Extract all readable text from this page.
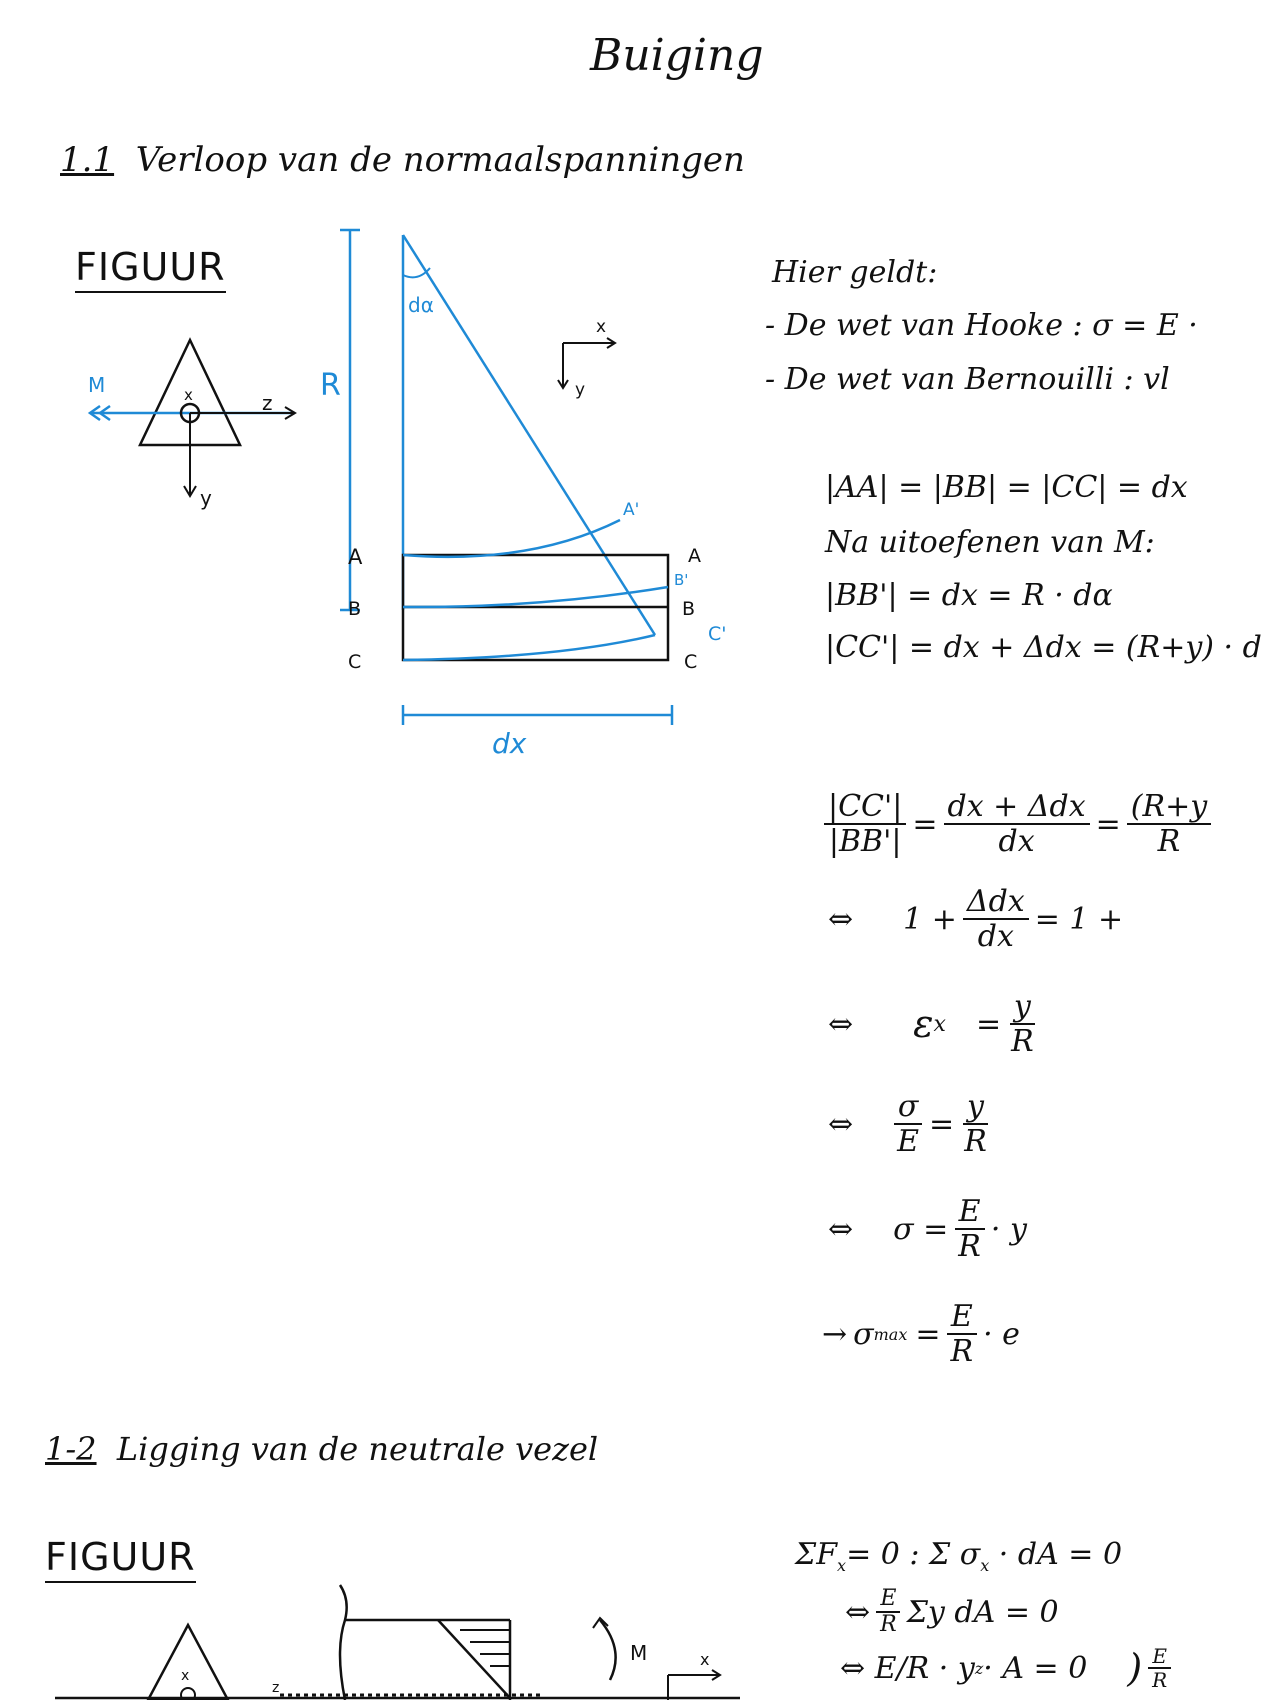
Buiging
1.1 Verloop van de normaalspanningen
FIGUUR
M	x	z
y
R
dα
x
y
A
B
C
A
B
C
A'
B'
C'
dx
Hier geldt:
- De wet van Hooke : σ = E ·
- De wet van Bernouilli : vl
|AA| = |BB| = |CC| = dx
Na uitoefenen van M:
|BB'| = dx = R · dα
|CC'| = dx + Δdx = (R+y) · d
$\frac{|CC'|}{|BB'|} = \frac{\text{dx + Δdx}}{dx} = \frac{(R+y}{R}$
⇔ $1 + \frac{\text{Δdx}}{dx} = 1$ +
⇔ ε $x = \frac{y}{R}$
⇔ $\frac{\sigma}{E} = \frac{y}{R}$
⇔ $\sigma = \frac{E}{R} \cdot y$
→ σ $\max = \frac{E}{R} \cdot e$
1-2 Ligging van de neutrale vezel
FIGUUR
x
z
M	x
$\Sigma F_x= 0$ : Σ $\sigma_x$ · dA = 0
⇔ $\frac{E}{R}$ Σy dA = 0
⇔ E/R · y z · A = 0 ) $\frac{E}{R}$
